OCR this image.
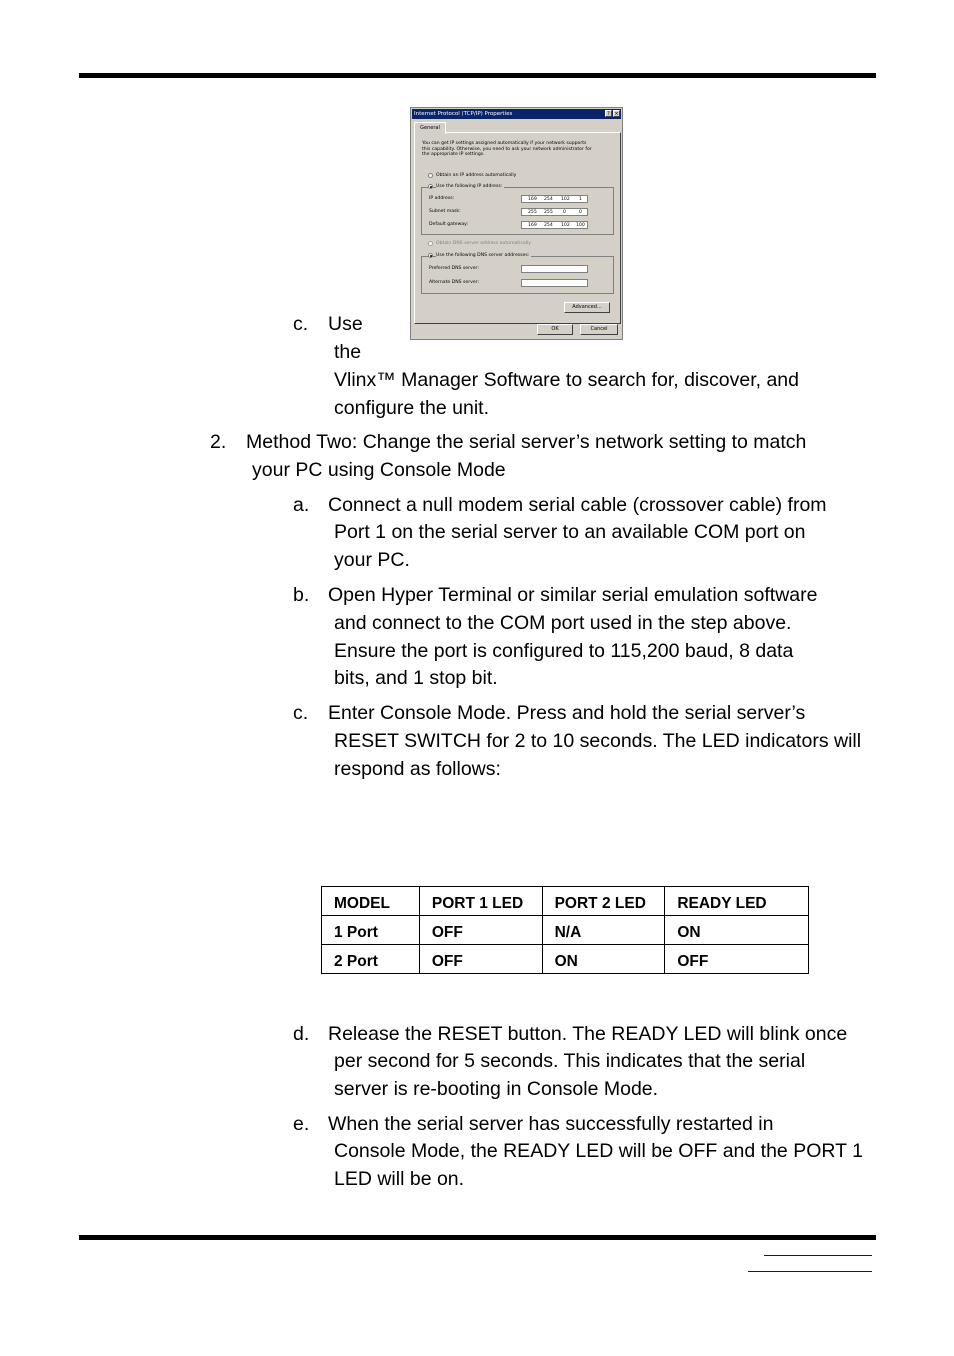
Internet Protocol (TCP/IP) Properties	? ×
General
You can get IP settings assigned automatically if your network supports
this capability. Otherwise, you need to ask your network administrator for
the appropriate IP settings.
Obtain an IP address automatically
Use the following IP address:
IP address:	169 254 102 1
Subnet mask:	255 255 0	0
Default gateway:	169 254 102 100
Obtain DNS server address automatically
Use the following DNS server addresses:
Preferred DNS server:
Alternate DNS server:
Advanced...
OK	Cancel
c. Use
the
Vlinx™ Manager Software to search for, discover, and
configure the unit.
2. Method Two: Change the serial server’s network setting to match
your PC using Console Mode
a. Connect a null modem serial cable (crossover cable) from
Port 1 on the serial server to an available COM port on
your PC.
b. Open Hyper Terminal or similar serial emulation software
and connect to the COM port used in the step above.
Ensure the port is configured to 115,200 baud, 8 data
bits, and 1 stop bit.
c. Enter Console Mode. Press and hold the serial server’s
RESET SWITCH for 2 to 10 seconds. The LED indicators will
respond as follows:
MODEL	PORT 1 LED	PORT 2 LED	READY LED
1 Port	OFF	N/A	ON
2 Port	OFF	ON	OFF
d. Release the RESET button. The READY LED will blink once
per second for 5 seconds. This indicates that the serial
server is re-booting in Console Mode.
e. When the serial server has successfully restarted in
Console Mode, the READY LED will be OFF and the PORT 1
LED will be on.
